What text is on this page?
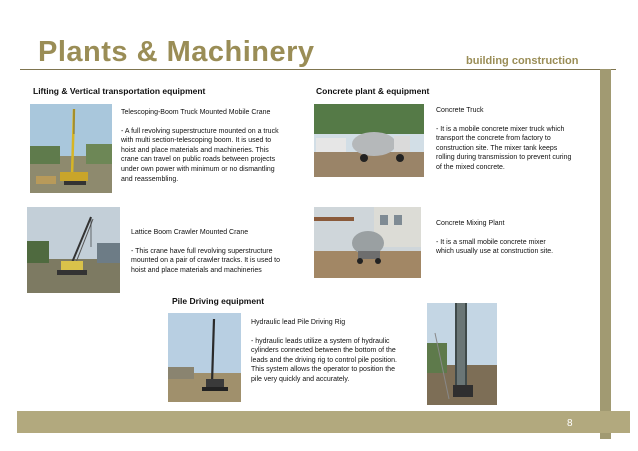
Plants & Machinery	building construction
Lifting & Vertical transportation equipment	Concrete plant & equipment
Pile Driving equipment
Telescoping-Boom Truck Mounted Mobile Crane
- A full revolving superstructure mounted on a truck
with multi section-telescoping boom. It is used to
hoist and place materials and machineries. This
crane can travel on public roads between projects
under own power with minimum or no dismantling
and reassembling.
Lattice Boom Crawler Mounted Crane
- This crane have full revolving superstructure
mounted on a pair of crawler tracks. It is used to
hoist and place materials and machineries
Concrete Truck
- It is a mobile concrete mixer truck which
transport the concrete from factory to
construction site. The mixer tank keeps
rolling during transmission to prevent curing
of the mixed concrete.
Concrete Mixing Plant
- It is a small mobile concrete mixer
which usually use at construction site.
Hydraulic lead Pile Driving Rig
- hydraulic leads utilize a system of hydraulic
cylinders connected between the bottom of the
leads and the driving rig to control pile position.
This system allows the operator to position the
pile very quickly and accurately.
8
